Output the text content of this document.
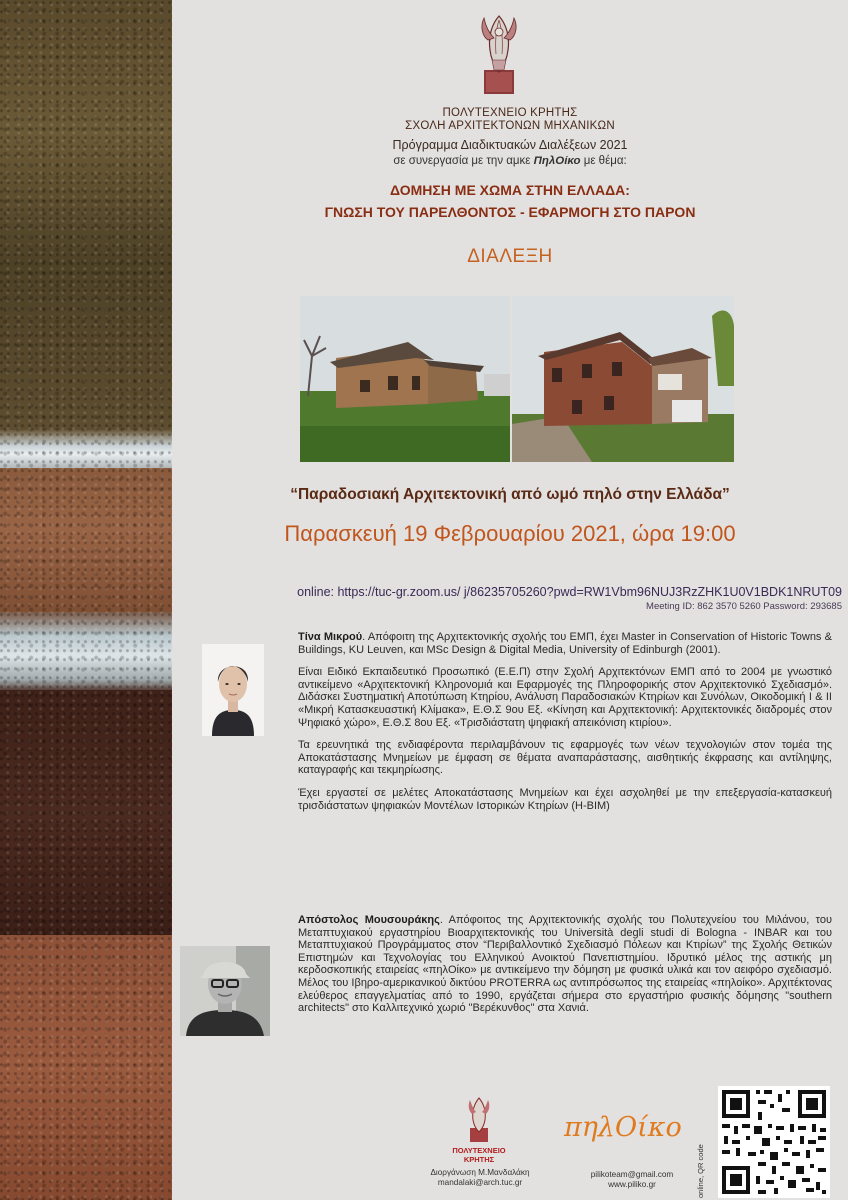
ΠΟΛΥΤΕΧΝΕΙΟ ΚΡΗΤΗΣ
ΣΧΟΛΗ ΑΡΧΙΤΕΚΤΟΝΩΝ ΜΗΧΑΝΙΚΩΝ
Πρόγραμμα Διαδικτυακών Διαλέξεων 2021
σε συνεργασία με την αμκε ΠηλΟίκο με θέμα:
ΔΟΜΗΣΗ ΜΕ ΧΩΜΑ ΣΤΗΝ ΕΛΛΑΔΑ:
ΓΝΩΣΗ ΤΟΥ ΠΑΡΕΛΘΟΝΤΟΣ - ΕΦΑΡΜΟΓΗ ΣΤΟ ΠΑΡΟΝ
ΔΙΑΛΕΞΗ
“Παραδοσιακή Αρχιτεκτονική από ωμό πηλό στην Ελλάδα”
Παρασκευή 19 Φεβρουαρίου 2021, ώρα 19:00
online: https://tuc-gr.zoom.us/ j/86235705260?pwd=RW1Vbm96NUJ3RzZHK1U0V1BDK1NRUT09
Meeting ID: 862 3570 5260 Password: 293685

Τίνα Μικρού. Απόφοιτη της Αρχιτεκτονικής σχολής του ΕΜΠ, έχει Master in Conservation of Historic Towns & Buildings, KU Leuven, και MSc Design & Digital Media, University of Edinburgh (2001).

Είναι Ειδικό Εκπαιδευτικό Προσωπικό (Ε.Ε.Π) στην Σχολή Αρχιτεκτόνων ΕΜΠ από το 2004 με γνωστικό αντικείμενο «Αρχιτεκτονική Κληρονομιά και Εφαρμογές της Πληροφορικής στον Αρχιτεκτονικό Σχεδιασμό». Διδάσκει Συστηματική Αποτύπωση Κτηρίου, Ανάλυση Παραδοσιακών Κτηρίων και Συνόλων, Οικοδομική Ι & ΙΙ «Μικρή Κατασκευαστική Κλίμακα», Ε.Θ.Σ 9ου Εξ. «Κίνηση και Αρχιτεκτονική: Αρχιτεκτονικές διαδρομές στον Ψηφιακό χώρο», Ε.Θ.Σ 8ου Εξ. «Τρισδιάστατη ψηφιακή απεικόνιση κτιρίου».

Τα ερευνητικά της ενδιαφέροντα περιλαμβάνουν τις εφαρμογές των νέων τεχνολογιών στον τομέα της Αποκατάστασης Μνημείων με έμφαση σε θέματα αναπαράστασης, αισθητικής έκφρασης και αντίληψης, καταγραφής και τεκμηρίωσης.

Έχει εργαστεί σε μελέτες Αποκατάστασης Μνημείων και έχει ασχοληθεί με την επεξεργασία-κατασκευή τρισδιάστατων ψηφιακών Μοντέλων Ιστορικών Κτηρίων (H-BIM)

Απόστολος Μουσουράκης. Απόφοιτος της Αρχιτεκτονικής σχολής του Πολυτεχνείου του Μιλάνου, του Μεταπτυχιακού εργαστηρίου Βιοαρχιτεκτονικής του Università degli studi di Bologna - INBAR και του Μεταπτυχιακού Προγράμματος στον “Περιβαλλοντικό Σχεδιασμό Πόλεων και Κτιρίων” της Σχολής Θετικών Επιστημών και Τεχνολογίας του Ελληνικού Ανοικτού Πανεπιστημίου. Ιδρυτικό μέλος της αστικής μη κερδοσκοπικής εταιρείας «πηλΟίκο» με αντικείμενο την δόμηση με φυσικά υλικά και τον αειφόρο σχεδιασμό. Μέλος του Ιβηρο-αμερικανικού δικτύου PROTERRA ως αντιπρόσωπος της εταιρείας «πηλοίκο». Αρχιτέκτονας ελεύθερος επαγγελματίας από το 1990, εργάζεται σήμερα στο εργαστήριο φυσικής δόμησης "southern architects" στο Καλλιτεχνικό χωριό "Βερέκυνθος" στα Χανιά.

ΠΟΛΥΤΕΧΝΕΙΟ
ΚΡΗΤΗΣ
Διοργάνωση Μ.Μανδαλάκη
mandalaki@arch.tuc.gr
πηλΟίκο
pilikoteam@gmail.com
www.piliko.gr	online, QR code
